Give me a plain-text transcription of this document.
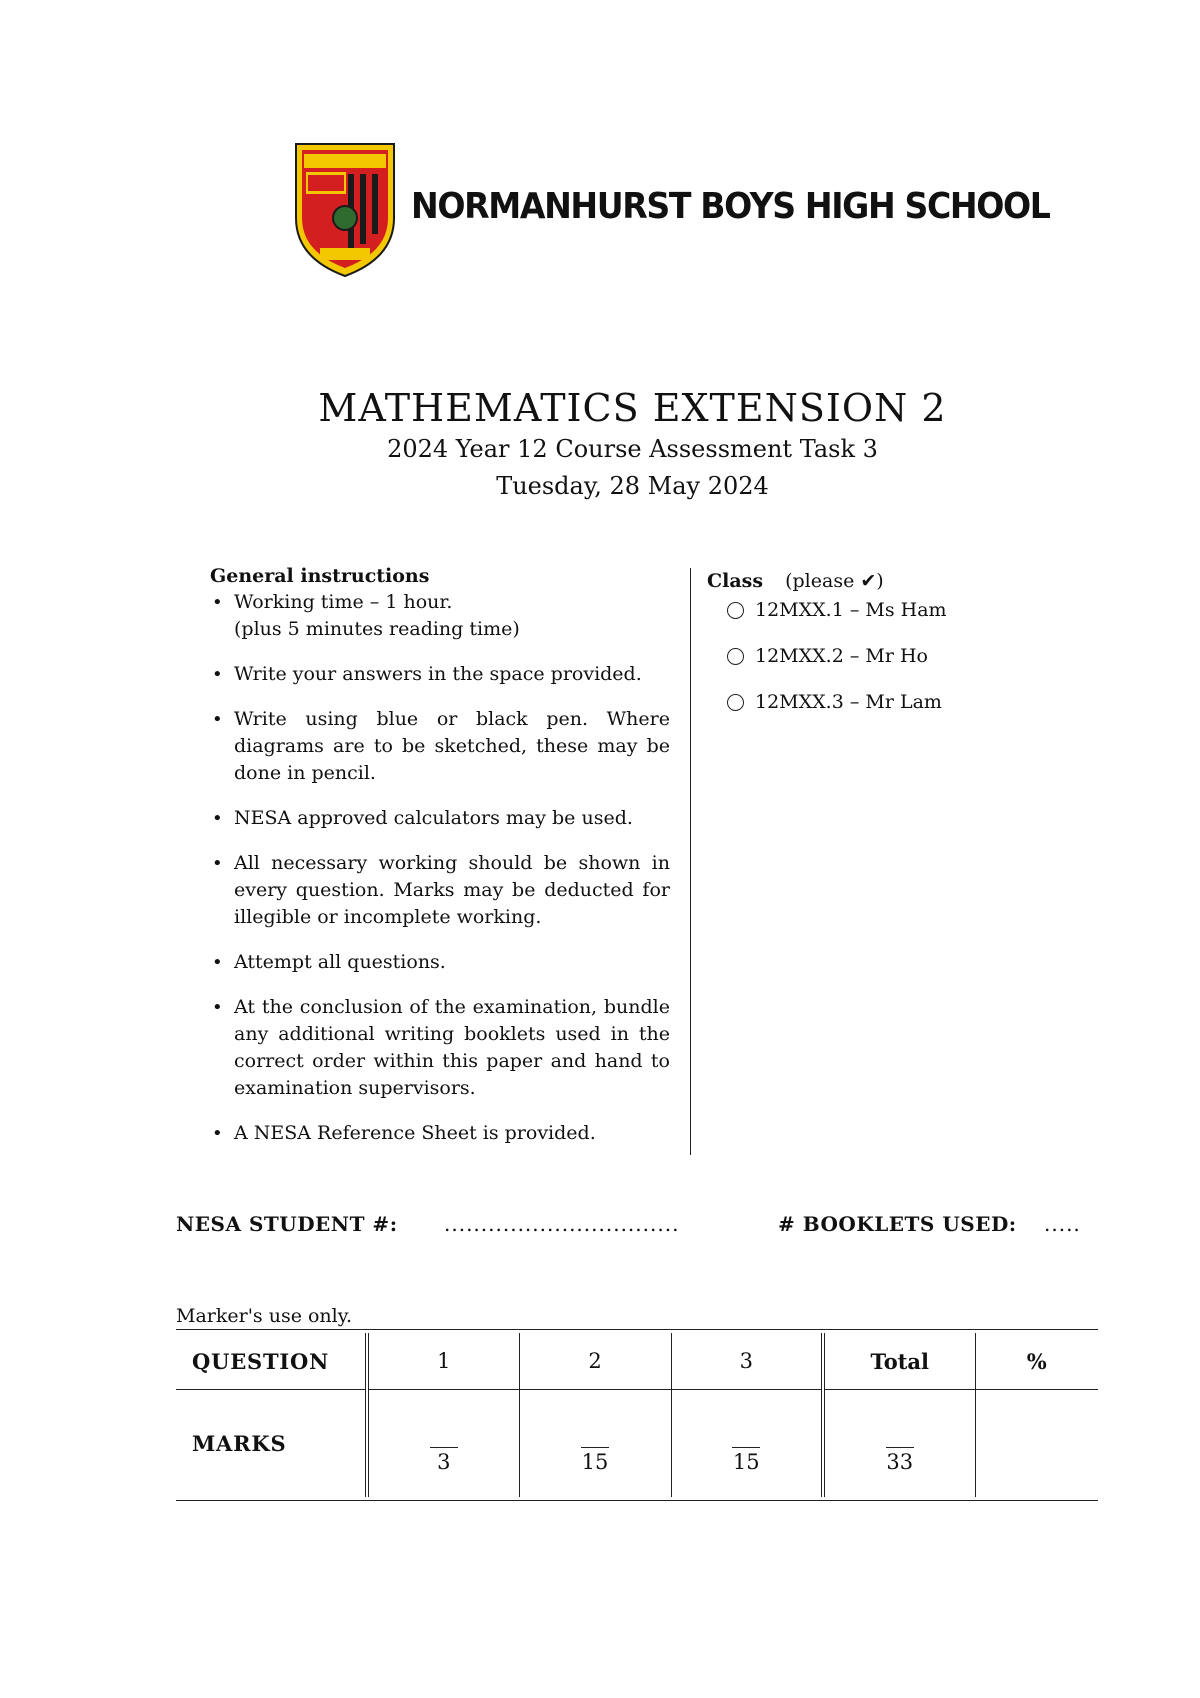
NORMANHURST BOYS HIGH SCHOOL

MATHEMATICS EXTENSION 2

2024 Year 12 Course Assessment Task 3

Tuesday, 28 May 2024

General instructions
• Working time – 1 hour.
(plus 5 minutes reading time)
• Write your answers in the space provided.
• Write using blue or black pen. Where diagrams are to be sketched, these may be done in pencil.
• NESA approved calculators may be used.
• All necessary working should be shown in every question. Marks may be deducted for illegible or incomplete working.
• Attempt all questions.
• At the conclusion of the examination, bundle any additional writing booklets used in the correct order within this paper and hand to examination supervisors.
• A NESA Reference Sheet is provided.
Class (please ✔)
12MXX.1 – Ms Ham
12MXX.2 – Mr Ho
12MXX.3 – Mr Lam
NESA STUDENT #: ................................	# BOOKLETS USED: .....
Marker's use only.
QUESTION	1	2	3	Total	%
MARKS	3	15	15	33	
